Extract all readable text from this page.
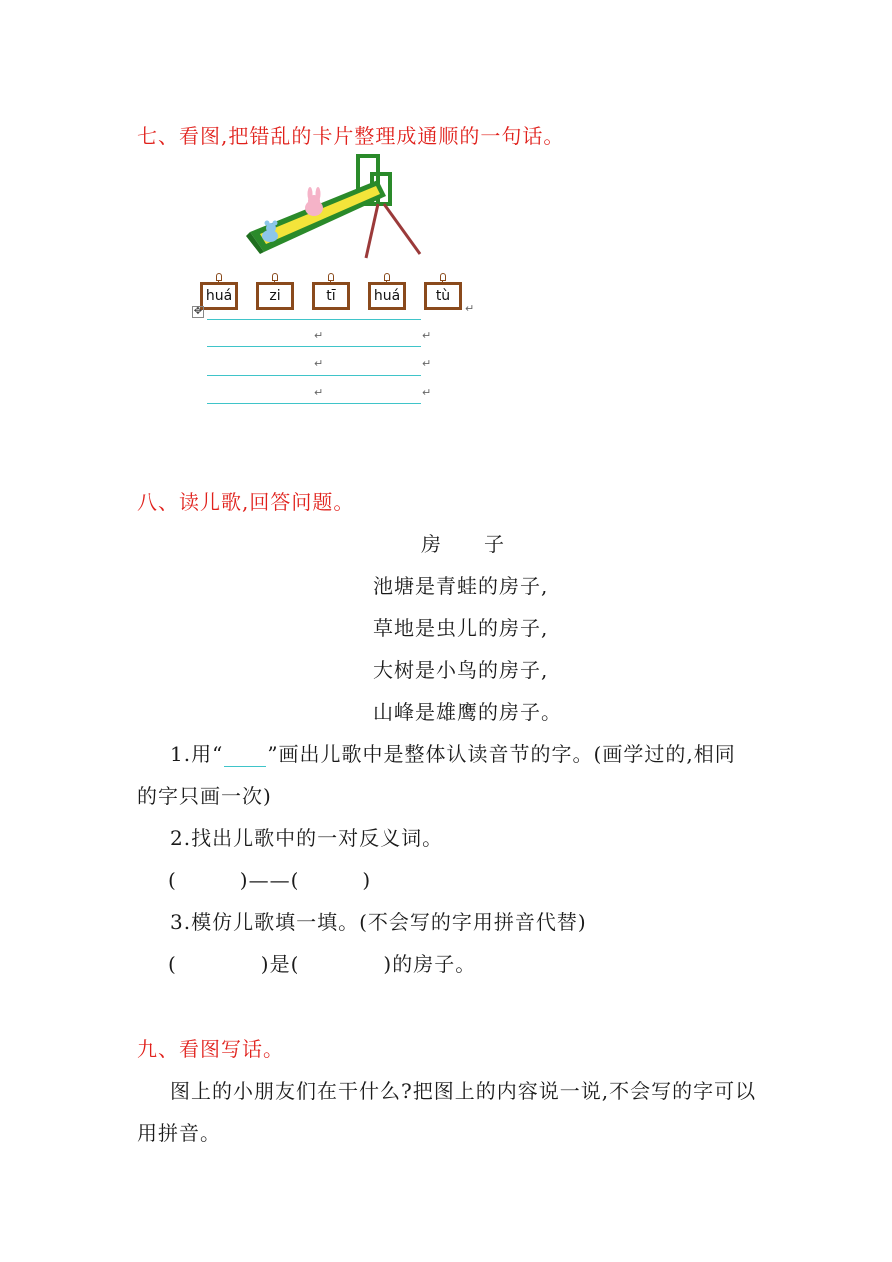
七、看图,把错乱的卡片整理成通顺的一句话。
huá	zi	tī	huá	tù
↵
✥
↵	↵
↵	↵
↵	↵
八、读儿歌,回答问题。
房　　子
池塘是青蛙的房子,
草地是虫儿的房子,
大树是小鸟的房子,
山峰是雄鹰的房子。
1.用“ ”画出儿歌中是整体认读音节的字。(画学过的,相同
的字只画一次)
2.找出儿歌中的一对反义词。
(　　　)——(　　　)
3.模仿儿歌填一填。(不会写的字用拼音代替)
(　　　　)是(　　　　)的房子。
九、看图写话。
图上的小朋友们在干什么?把图上的内容说一说,不会写的字可以
用拼音。
